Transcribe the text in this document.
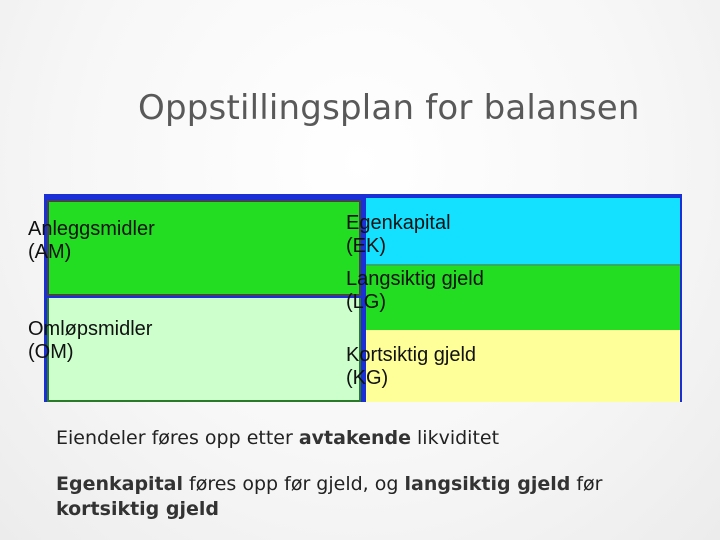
Oppstillingsplan for balansen
Anleggsmidler
(AM)
Omløpsmidler
(OM)
Egenkapital
(EK)
Langsiktig gjeld
(LG)
Kortsiktig gjeld
(KG)
Eiendeler føres opp etter avtakende likviditet
Egenkapital føres opp før gjeld, og langsiktig gjeld før
kortsiktig gjeld
